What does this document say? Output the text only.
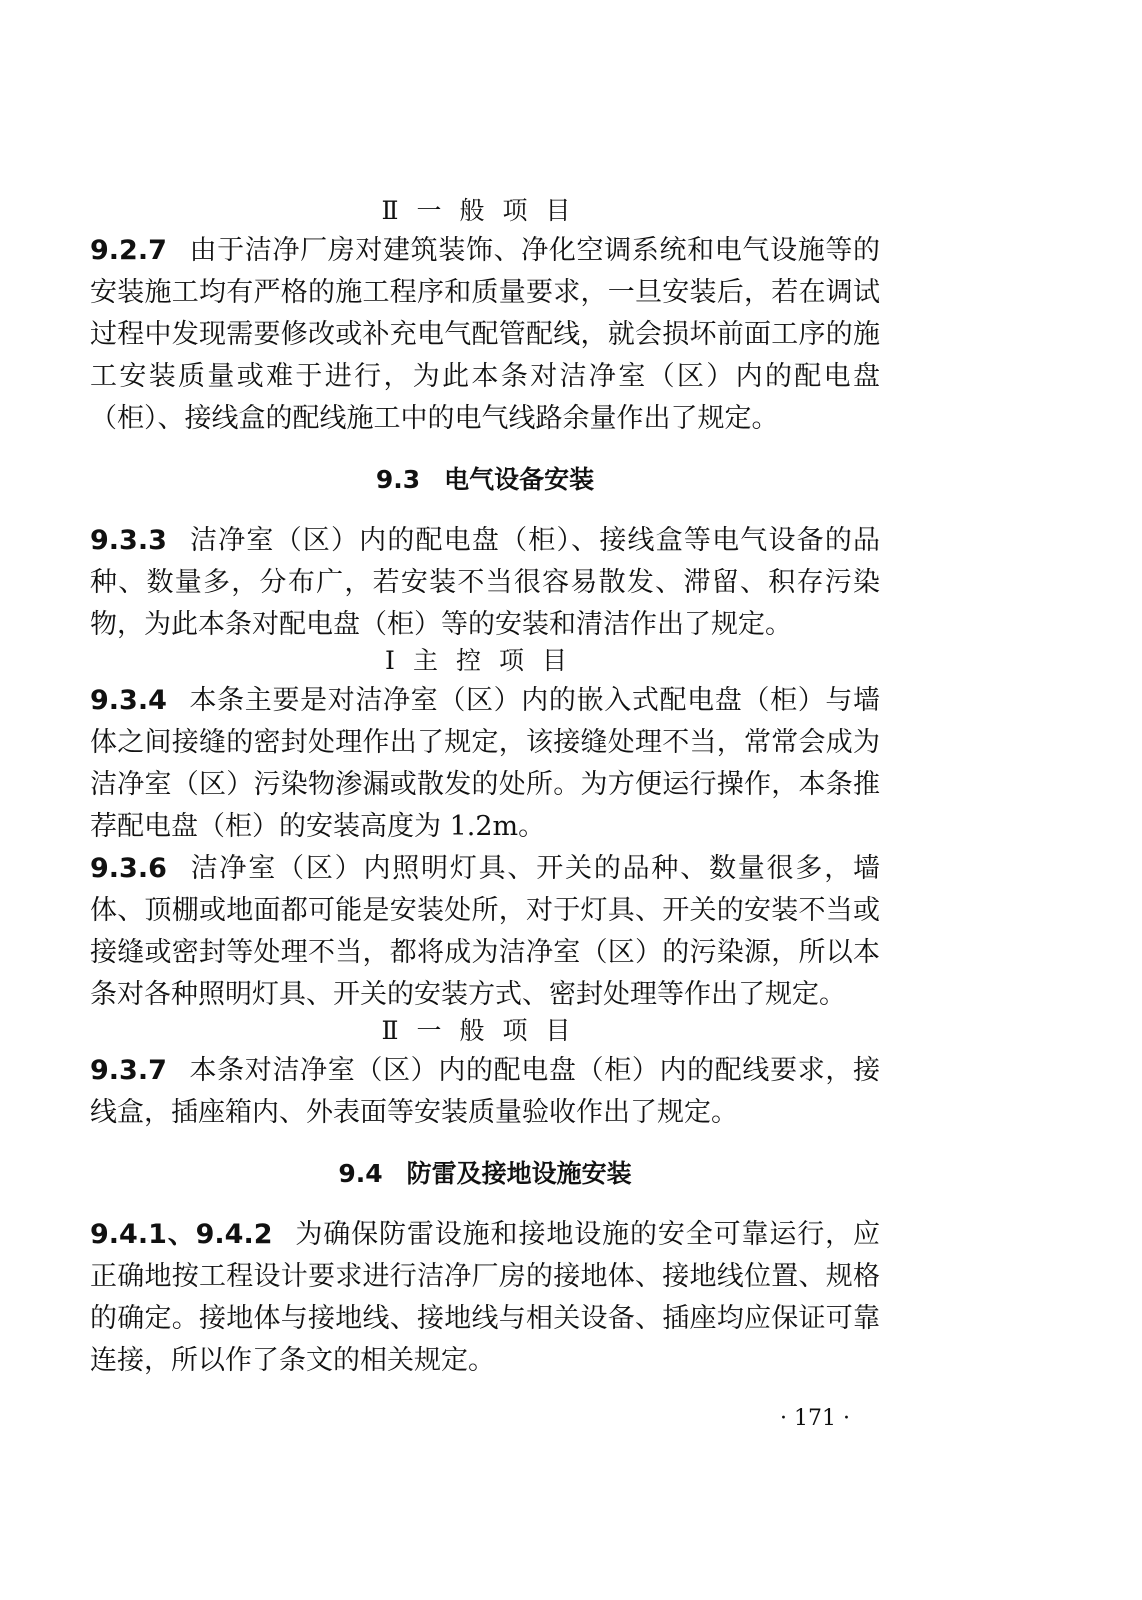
Ⅱ一般项目

9.2.7 由于洁净厂房对建筑装饰、净化空调系统和电气设施等的安装施工均有严格的施工程序和质量要求，一旦安装后，若在调试过程中发现需要修改或补充电气配管配线，就会损坏前面工序的施工安装质量或难于进行，为此本条对洁净室（区）内的配电盘（柜）、接线盒的配线施工中的电气线路余量作出了规定。

9.3 电气设备安装

9.3.3 洁净室（区）内的配电盘（柜）、接线盒等电气设备的品种、数量多，分布广，若安装不当很容易散发、滞留、积存污染物，为此本条对配电盘（柜）等的安装和清洁作出了规定。

Ⅰ主控项目

9.3.4 本条主要是对洁净室（区）内的嵌入式配电盘（柜）与墙体之间接缝的密封处理作出了规定，该接缝处理不当，常常会成为洁净室（区）污染物渗漏或散发的处所。为方便运行操作，本条推荐配电盘（柜）的安装高度为 1.2m。

9.3.6 洁净室（区）内照明灯具、开关的品种、数量很多，墙体、顶棚或地面都可能是安装处所，对于灯具、开关的安装不当或接缝或密封等处理不当，都将成为洁净室（区）的污染源，所以本条对各种照明灯具、开关的安装方式、密封处理等作出了规定。

Ⅱ一般项目

9.3.7 本条对洁净室（区）内的配电盘（柜）内的配线要求，接线盒，插座箱内、外表面等安装质量验收作出了规定。

9.4 防雷及接地设施安装

9.4.1、9.4.2 为确保防雷设施和接地设施的安全可靠运行，应正确地按工程设计要求进行洁净厂房的接地体、接地线位置、规格的确定。接地体与接地线、接地线与相关设备、插座均应保证可靠连接，所以作了条文的相关规定。

· 171 ·
